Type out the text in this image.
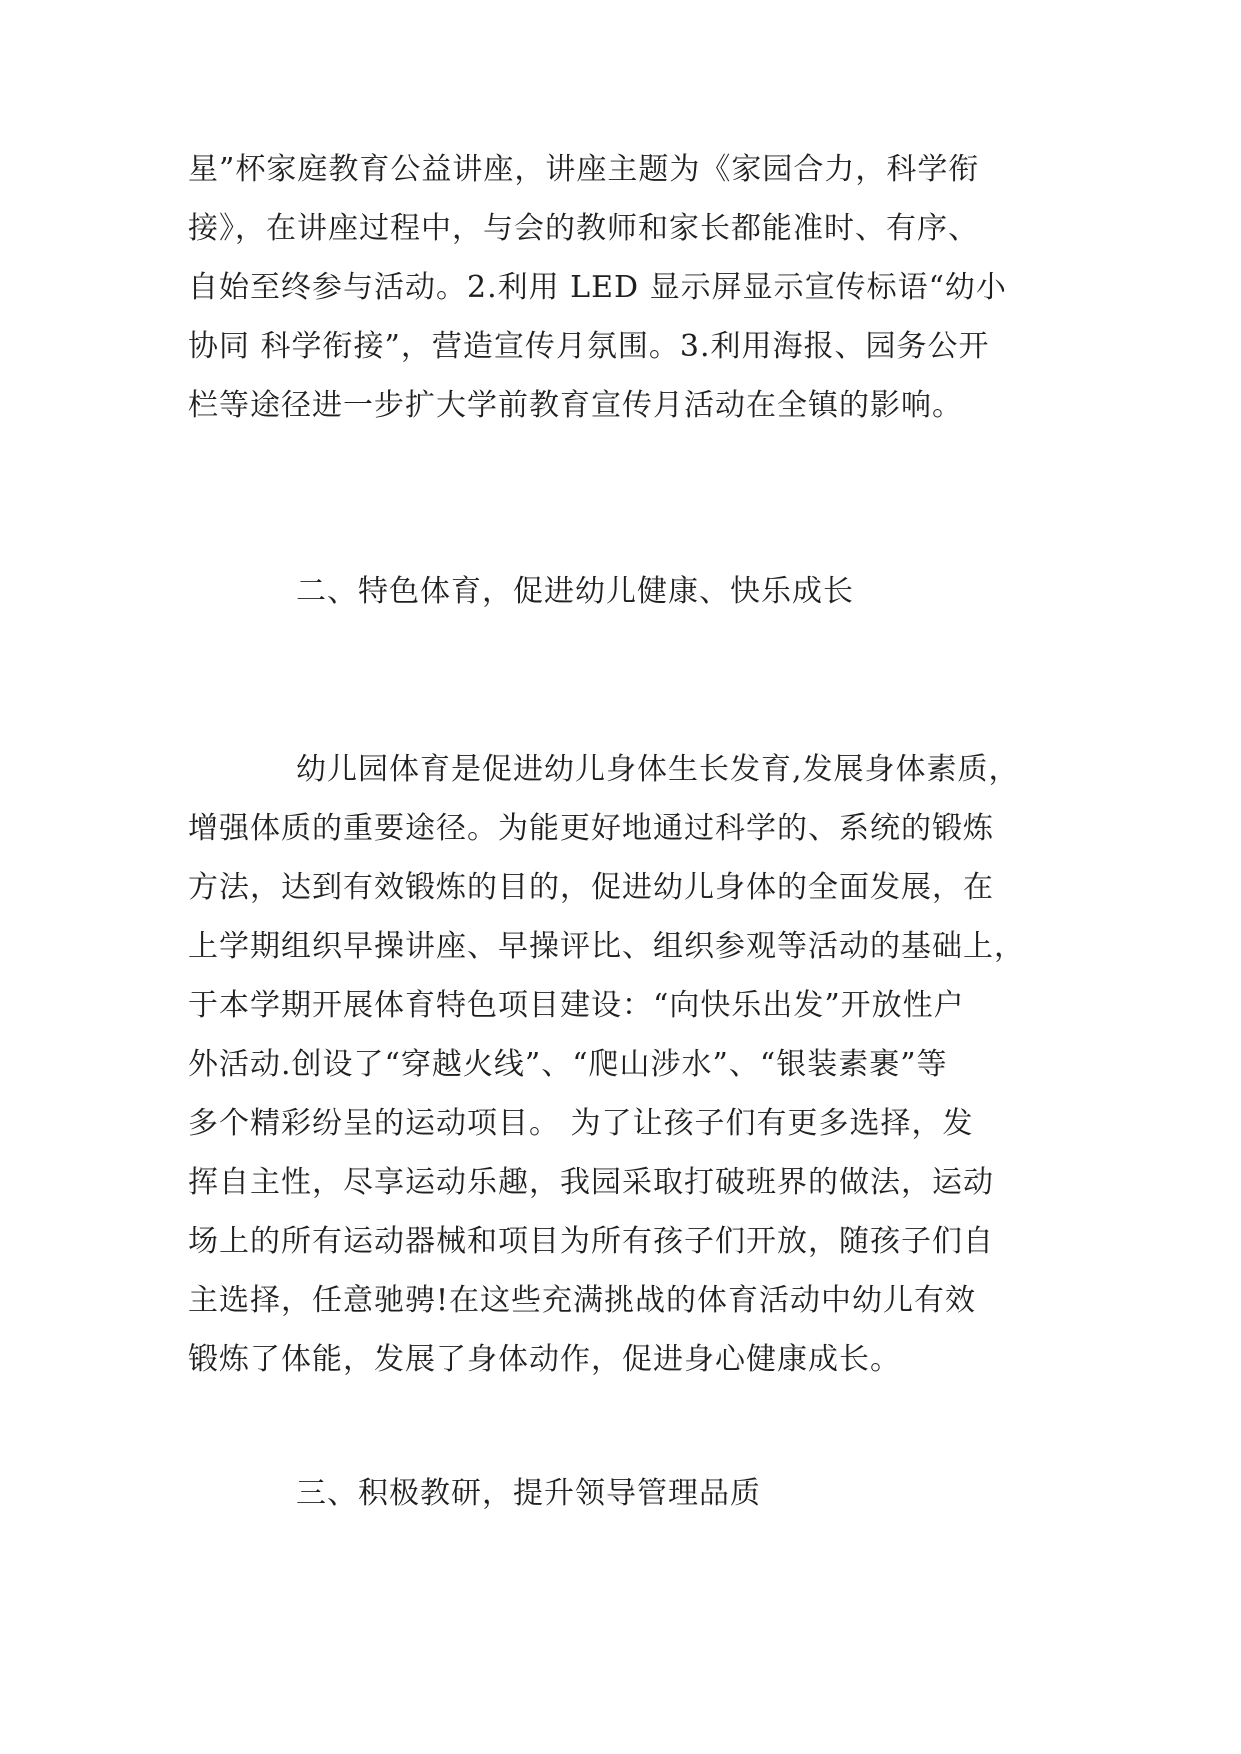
星”杯家庭教育公益讲座，讲座主题为《家园合力，科学衔
接》，在讲座过程中，与会的教师和家长都能准时、有序、
自始至终参与活动。2.利用 LED 显示屏显示宣传标语“幼小
协同 科学衔接”，营造宣传月氛围。3.利用海报、园务公开
栏等途径进一步扩大学前教育宣传月活动在全镇的影响。
二、特色体育，促进幼儿健康、快乐成长
幼儿园体育是促进幼儿身体生长发育,发展身体素质，
增强体质的重要途径。为能更好地通过科学的、系统的锻炼
方法，达到有效锻炼的目的，促进幼儿身体的全面发展，在
上学期组织早操讲座、早操评比、组织参观等活动的基础上，
于本学期开展体育特色项目建设：“向快乐出发”开放性户
外活动.创设了“穿越火线”、“爬山涉水”、“银装素裹”等
多个精彩纷呈的运动项目。 为了让孩子们有更多选择，发
挥自主性，尽享运动乐趣，我园采取打破班界的做法，运动
场上的所有运动器械和项目为所有孩子们开放，随孩子们自
主选择，任意驰骋!在这些充满挑战的体育活动中幼儿有效
锻炼了体能，发展了身体动作，促进身心健康成长。
三、积极教研，提升领导管理品质
